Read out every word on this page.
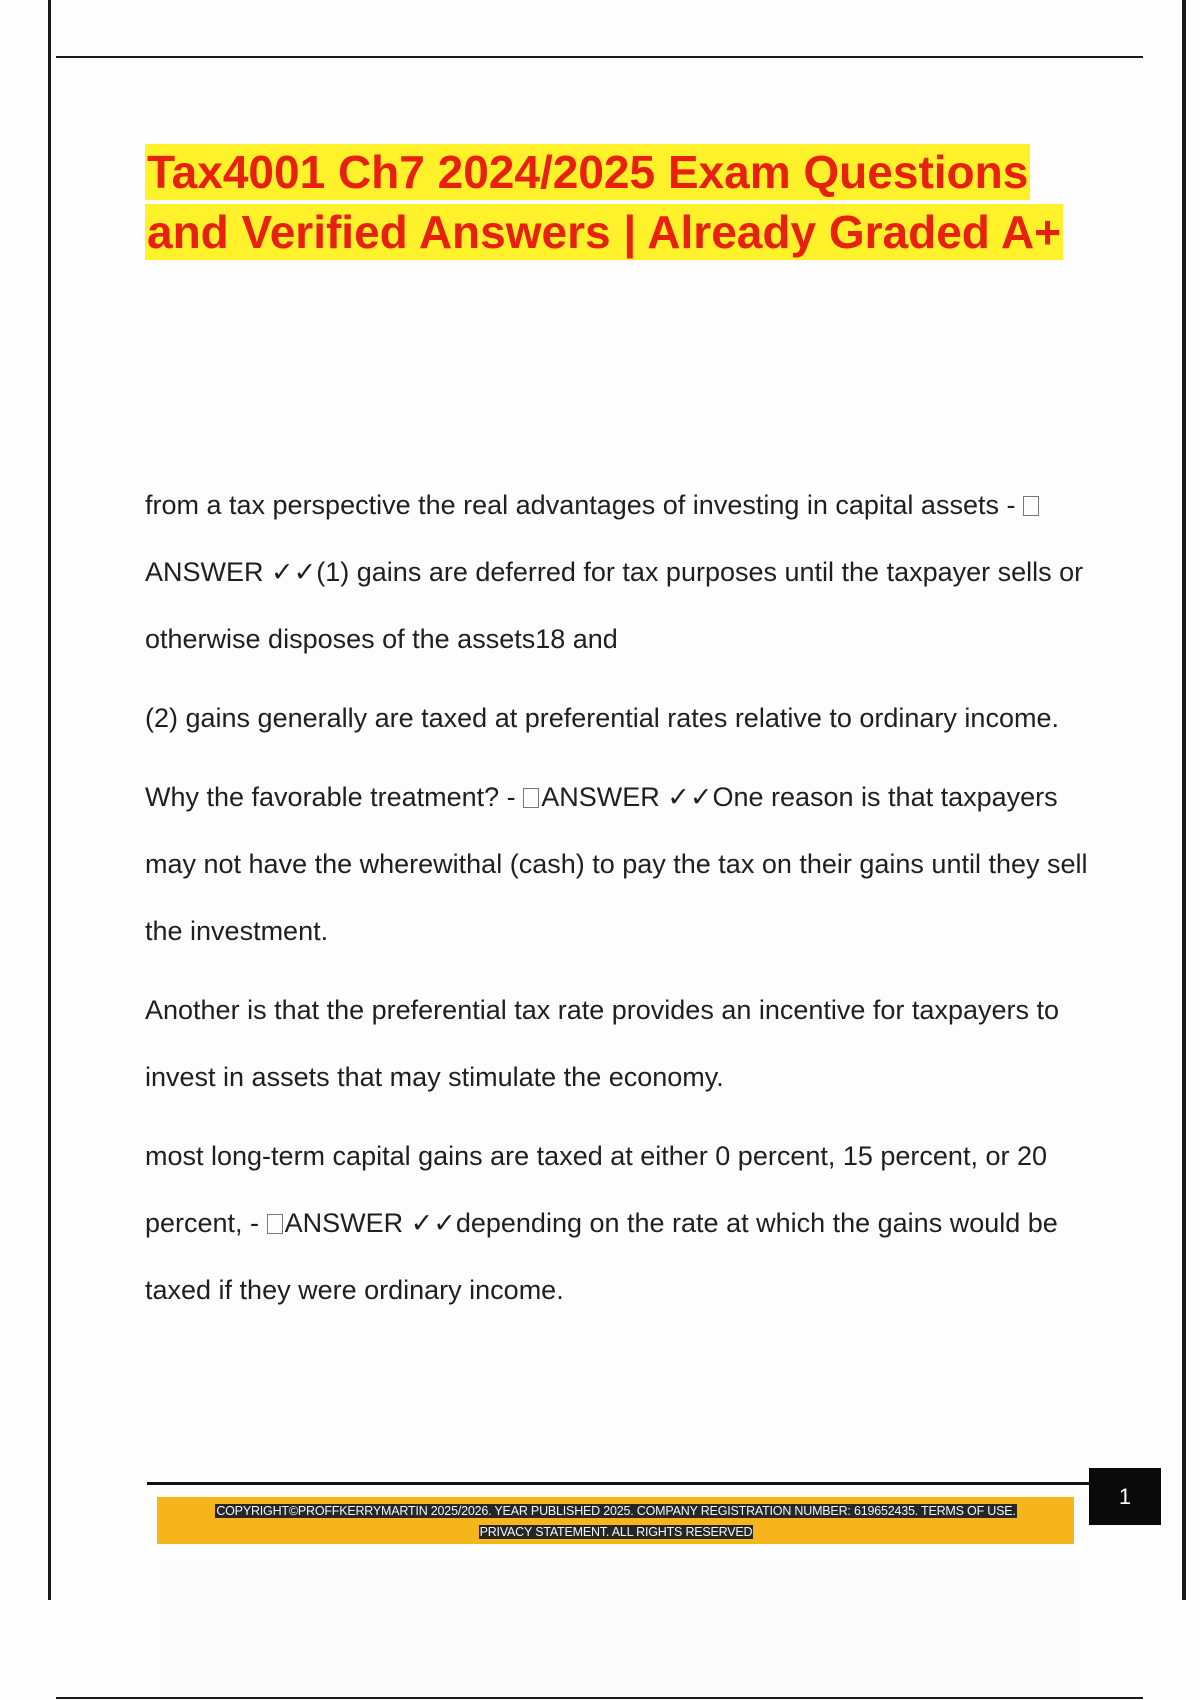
Tax4001 Ch7 2024/2025 Exam Questions and Verified Answers | Already Graded A+

from a tax perspective the real advantages of investing in capital assets - ANSWER ✓✓(1) gains are deferred for tax purposes until the taxpayer sells or otherwise disposes of the assets18 and

(2) gains generally are taxed at preferential rates relative to ordinary income.

Why the favorable treatment? - ANSWER ✓✓One reason is that taxpayers may not have the wherewithal (cash) to pay the tax on their gains until they sell the investment.

Another is that the preferential tax rate provides an incentive for taxpayers to invest in assets that may stimulate the economy.

most long-term capital gains are taxed at either 0 percent, 15 percent, or 20 percent, - ANSWER ✓✓depending on the rate at which the gains would be taxed if they were ordinary income.

1
COPYRIGHT©PROFFKERRYMARTIN 2025/2026. YEAR PUBLISHED 2025. COMPANY REGISTRATION NUMBER: 619652435. TERMS OF USE.
PRIVACY STATEMENT. ALL RIGHTS RESERVED
